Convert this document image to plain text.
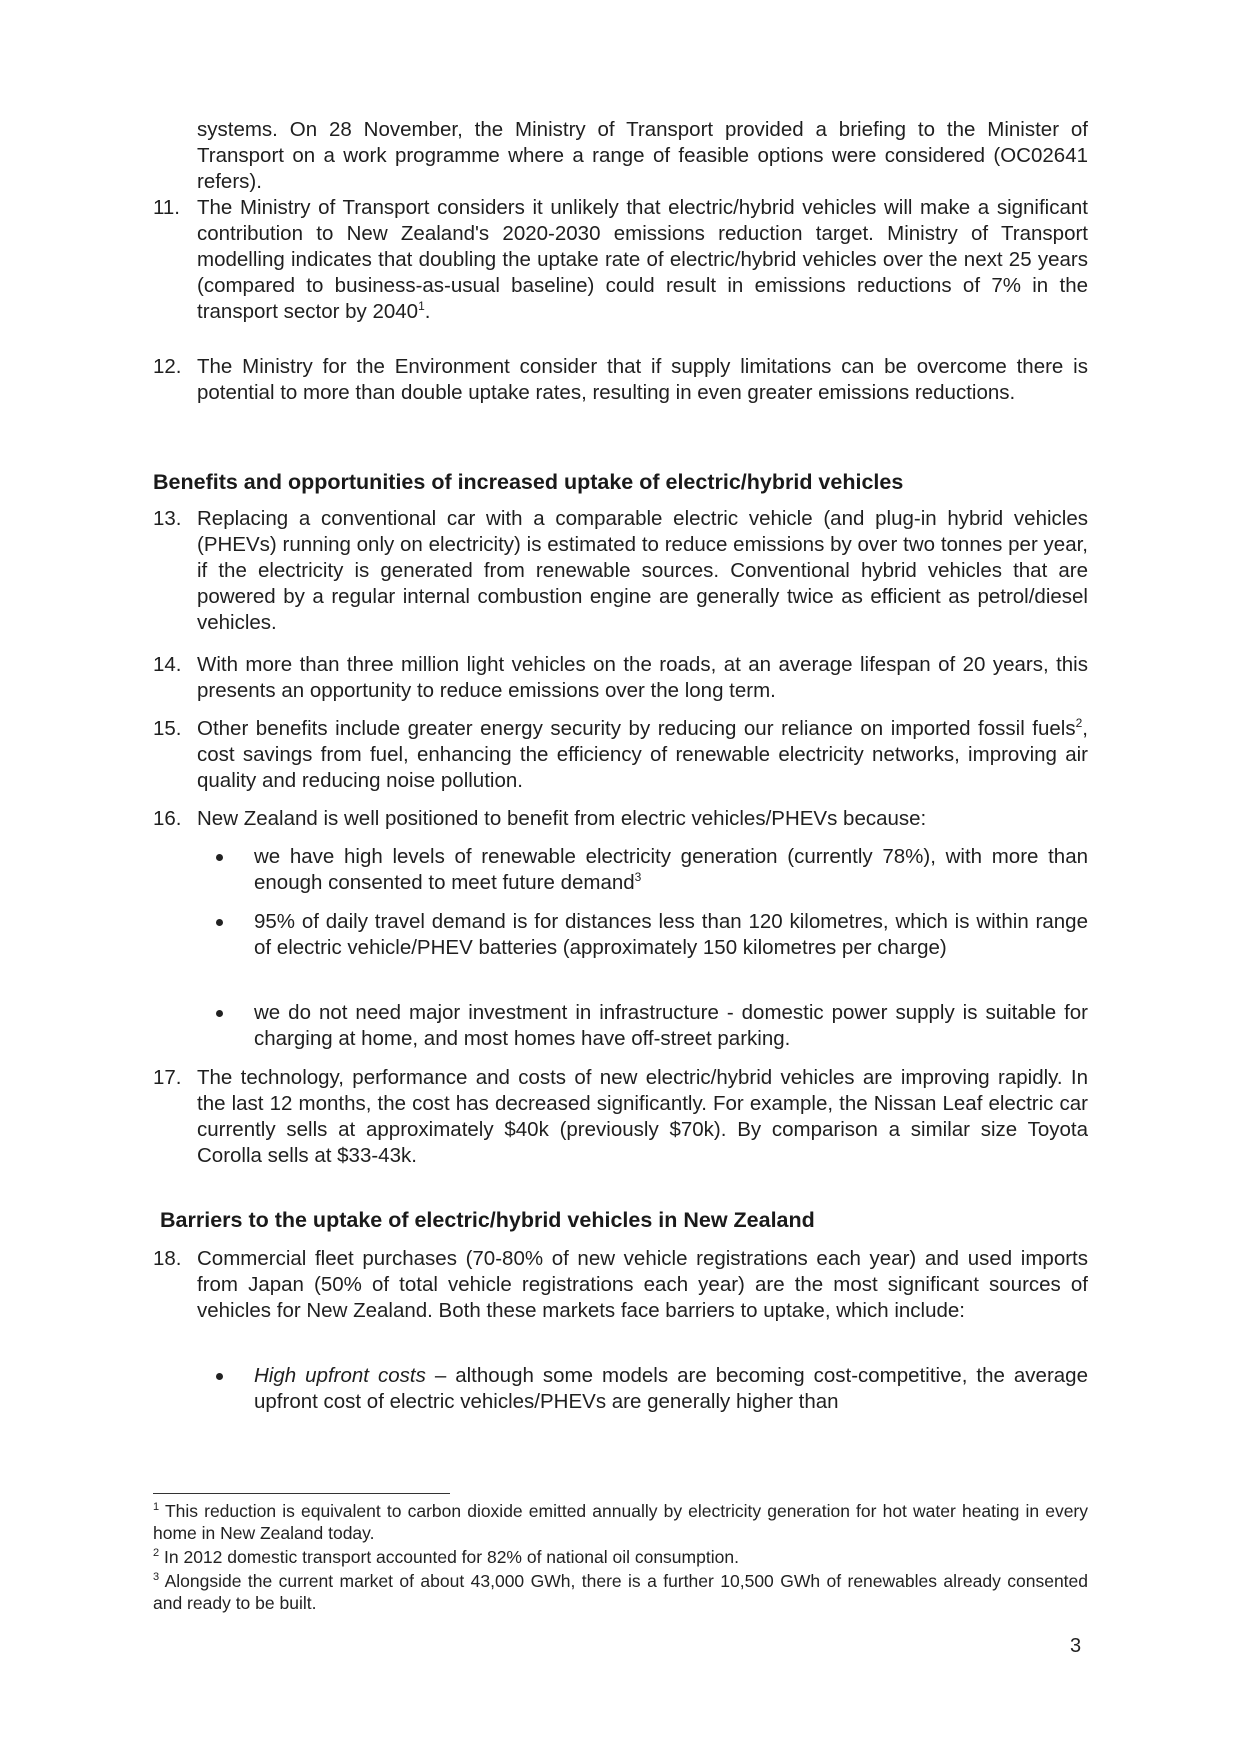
systems. On 28 November, the Ministry of Transport provided a briefing to the Minister of Transport on a work programme where a range of feasible options were considered (OC02641 refers).
11. The Ministry of Transport considers it unlikely that electric/hybrid vehicles will make a significant contribution to New Zealand's 2020-2030 emissions reduction target. Ministry of Transport modelling indicates that doubling the uptake rate of electric/hybrid vehicles over the next 25 years (compared to business-as-usual baseline) could result in emissions reductions of 7% in the transport sector by 2040$^1$.
12. The Ministry for the Environment consider that if supply limitations can be overcome there is potential to more than double uptake rates, resulting in even greater emissions reductions.
Benefits and opportunities of increased uptake of electric/hybrid vehicles
13. Replacing a conventional car with a comparable electric vehicle (and plug-in hybrid vehicles (PHEVs) running only on electricity) is estimated to reduce emissions by over two tonnes per year, if the electricity is generated from renewable sources. Conventional hybrid vehicles that are powered by a regular internal combustion engine are generally twice as efficient as petrol/diesel vehicles.
14. With more than three million light vehicles on the roads, at an average lifespan of 20 years, this presents an opportunity to reduce emissions over the long term.
15. Other benefits include greater energy security by reducing our reliance on imported fossil fuels$^2$, cost savings from fuel, enhancing the efficiency of renewable electricity networks, improving air quality and reducing noise pollution.
16. New Zealand is well positioned to benefit from electric vehicles/PHEVs because:
we have high levels of renewable electricity generation (currently 78%), with more than enough consented to meet future demand$^3$
95% of daily travel demand is for distances less than 120 kilometres, which is within range of electric vehicle/PHEV batteries (approximately 150 kilometres per charge)
we do not need major investment in infrastructure - domestic power supply is suitable for charging at home, and most homes have off-street parking.
17. The technology, performance and costs of new electric/hybrid vehicles are improving rapidly. In the last 12 months, the cost has decreased significantly. For example, the Nissan Leaf electric car currently sells at approximately $40k (previously $70k). By comparison a similar size Toyota Corolla sells at $33-43k.
Barriers to the uptake of electric/hybrid vehicles in New Zealand
18. Commercial fleet purchases (70-80% of new vehicle registrations each year) and used imports from Japan (50% of total vehicle registrations each year) are the most significant sources of vehicles for New Zealand. Both these markets face barriers to uptake, which include:
High upfront costs – although some models are becoming cost-competitive, the average upfront cost of electric vehicles/PHEVs are generally higher than
$^1$ This reduction is equivalent to carbon dioxide emitted annually by electricity generation for hot water heating in every home in New Zealand today.
$^2$ In 2012 domestic transport accounted for 82% of national oil consumption.
$^3$ Alongside the current market of about 43,000 GWh, there is a further 10,500 GWh of renewables already consented and ready to be built.
3
